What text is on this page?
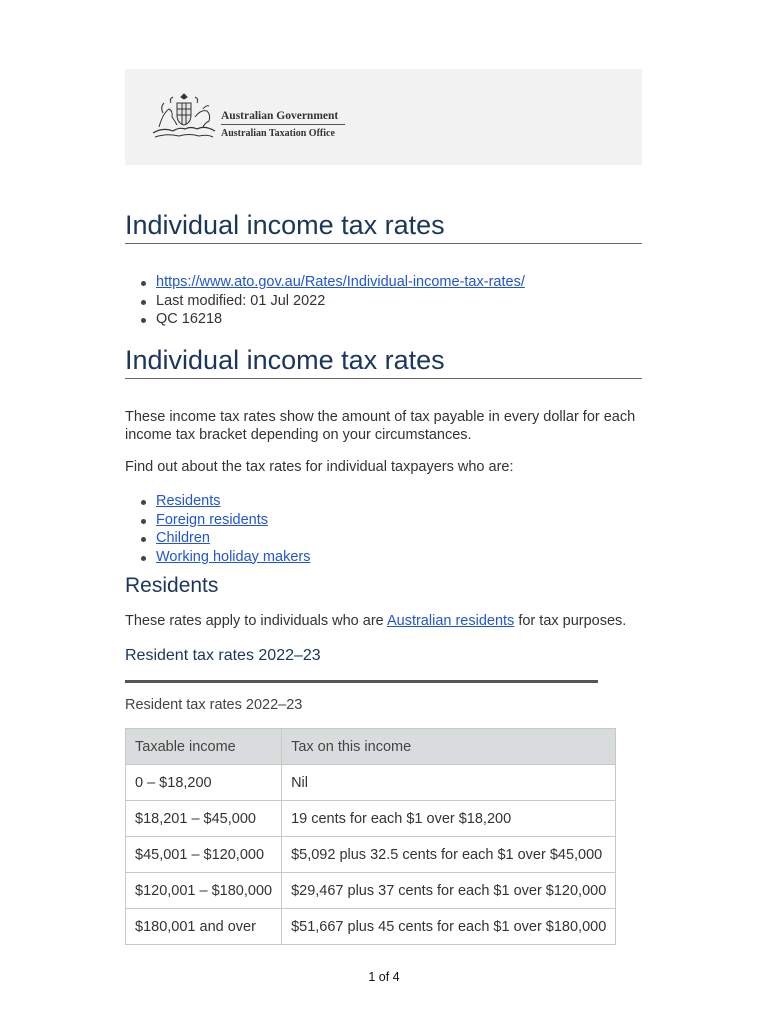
Australian Government
Australian Taxation Office
Individual income tax rates
https://www.ato.gov.au/Rates/Individual-income-tax-rates/
Last modified: 01 Jul 2022
QC 16218
Individual income tax rates

These income tax rates show the amount of tax payable in every dollar for each income tax bracket depending on your circumstances.

Find out about the tax rates for individual taxpayers who are:

Residents
Foreign residents
Children
Working holiday makers
Residents

These rates apply to individuals who are Australian residents for tax purposes.

Resident tax rates 2022–23
Resident tax rates 2022–23
Taxable income	Tax on this income
0 – $18,200	Nil
$18,201 – $45,000	19 cents for each $1 over $18,200
$45,001 – $120,000	$5,092 plus 32.5 cents for each $1 over $45,000
$120,001 – $180,000	$29,467 plus 37 cents for each $1 over $120,000
$180,001 and over	$51,667 plus 45 cents for each $1 over $180,000
1 of 4
